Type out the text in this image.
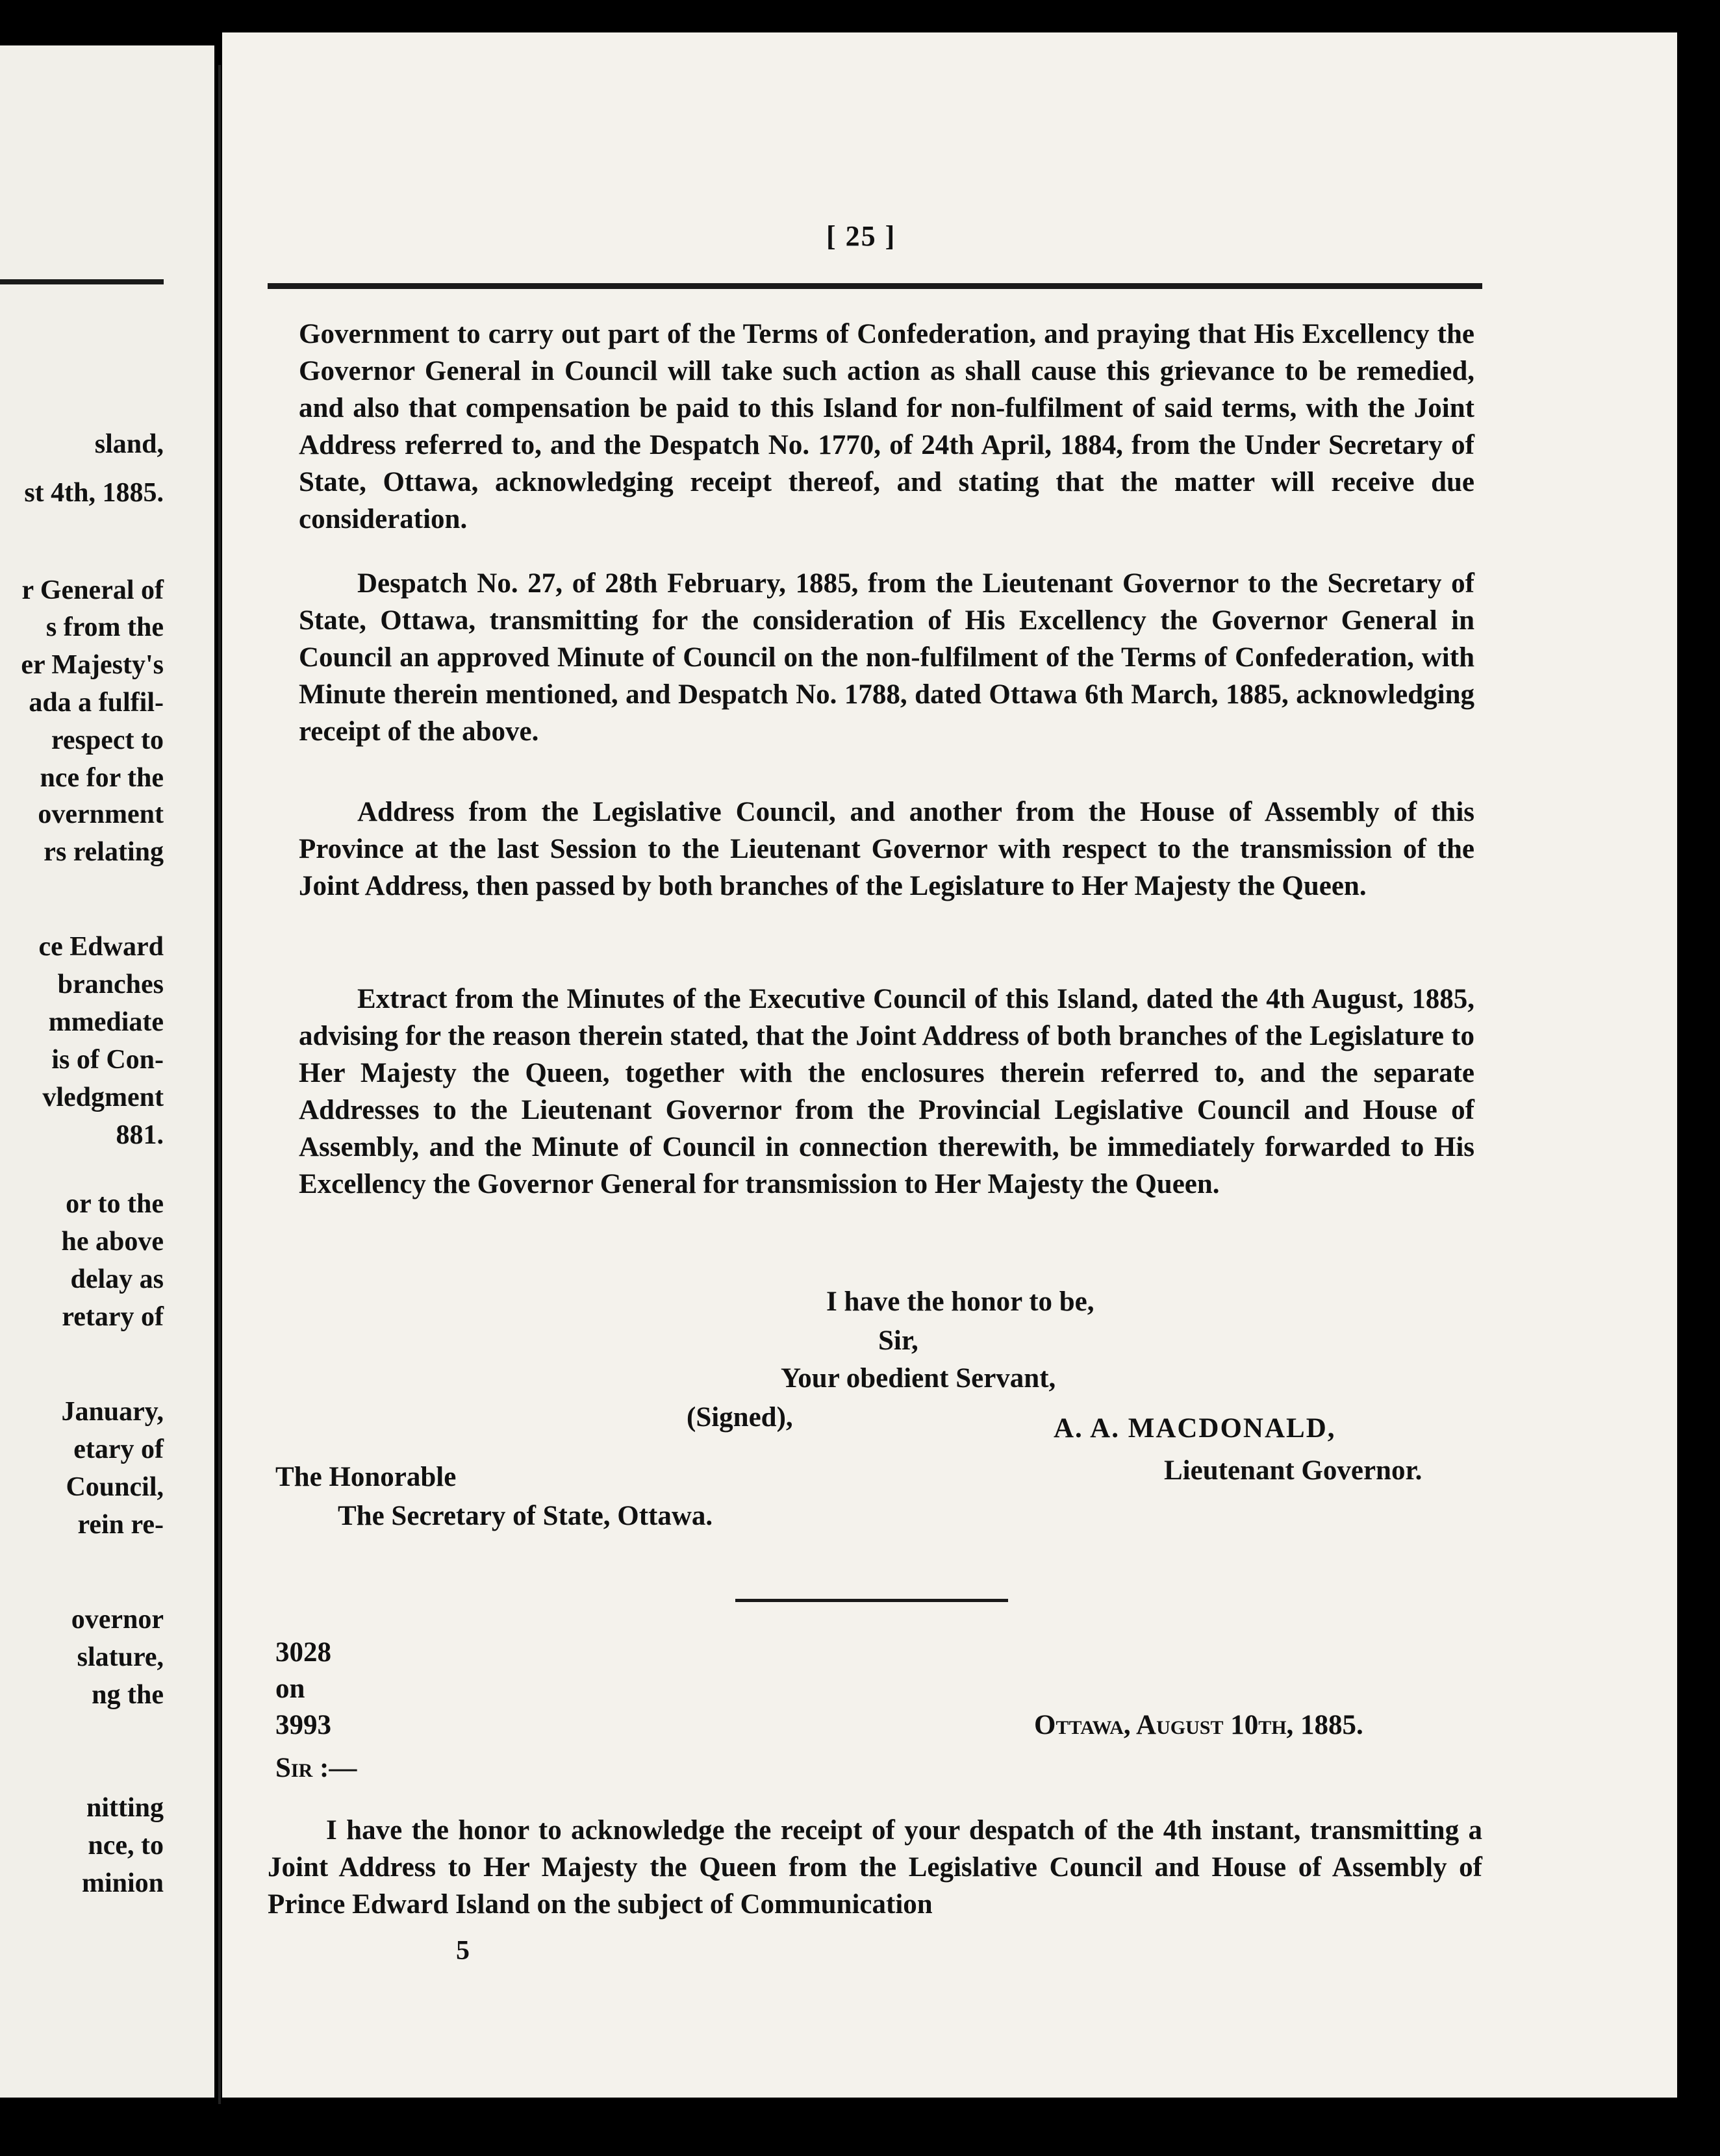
sland,
st 4th, 1885.
r General of
s from the
er Majesty's
ada a fulfil-
respect to
nce for the
overnment
rs relating
ce Edward
branches
mmediate
is of Con-
vledgment
881.
or to the
he above
delay as
retary of
January,
etary of
Council,
rein re-
overnor
slature,
ng the
nitting
nce, to
minion
[ 25 ]

Government to carry out part of the Terms of Confederation, and praying that His Excellency the Governor General in Council will take such action as shall cause this grievance to be remedied, and also that compensation be paid to this Island for non-fulfilment of said terms, with the Joint Address referred to, and the Despatch No. 1770, of 24th April, 1884, from the Under Secretary of State, Ottawa, acknowledging receipt thereof, and stating that the matter will receive due consideration.

Despatch No. 27, of 28th February, 1885, from the Lieutenant Governor to the Secretary of State, Ottawa, transmitting for the consideration of His Excellency the Governor General in Council an approved Minute of Council on the non-fulfilment of the Terms of Confederation, with Minute therein mentioned, and Despatch No. 1788, dated Ottawa 6th March, 1885, acknowledging receipt of the above.

Address from the Legislative Council, and another from the House of Assembly of this Province at the last Session to the Lieutenant Governor with respect to the transmission of the Joint Address, then passed by both branches of the Legislature to Her Majesty the Queen.

Extract from the Minutes of the Executive Council of this Island, dated the 4th August, 1885, advising for the reason therein stated, that the Joint Address of both branches of the Legislature to Her Majesty the Queen, together with the enclosures therein referred to, and the separate Addresses to the Lieutenant Governor from the Provincial Legislative Council and House of Assembly, and the Minute of Council in connection therewith, be immediately forwarded to His Excellency the Governor General for transmission to Her Majesty the Queen.

I have the honor to be,
Sir,
Your obedient Servant,
(Signed),	A. A. MACDONALD,
Lieutenant Governor.
The Honorable
The Secretary of State, Ottawa.
3028
on
3993	Ottawa, August 10th, 1885.
Sir :—

I have the honor to acknowledge the receipt of your despatch of the 4th instant, transmitting a Joint Address to Her Majesty the Queen from the Legislative Council and House of Assembly of Prince Edward Island on the subject of Communication

5
